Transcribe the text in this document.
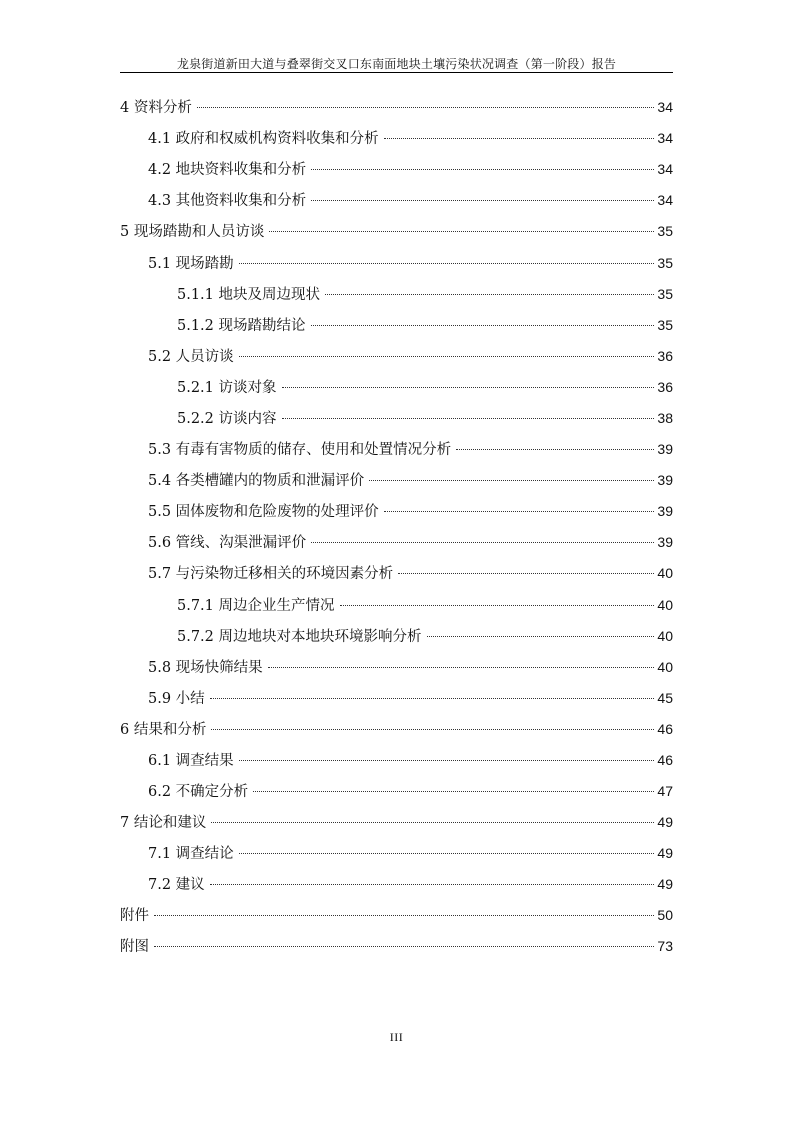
龙泉街道新田大道与叠翠街交叉口东南面地块土壤污染状况调查（第一阶段）报告
4 资料分析	34
4.1 政府和权威机构资料收集和分析	34
4.2 地块资料收集和分析	34
4.3 其他资料收集和分析	34
5 现场踏勘和人员访谈	35
5.1 现场踏勘	35
5.1.1 地块及周边现状	35
5.1.2 现场踏勘结论	35
5.2 人员访谈	36
5.2.1 访谈对象	36
5.2.2 访谈内容	38
5.3 有毒有害物质的储存、使用和处置情况分析	39
5.4 各类槽罐内的物质和泄漏评价	39
5.5 固体废物和危险废物的处理评价	39
5.6 管线、沟渠泄漏评价	39
5.7 与污染物迁移相关的环境因素分析	40
5.7.1 周边企业生产情况	40
5.7.2 周边地块对本地块环境影响分析	40
5.8 现场快筛结果	40
5.9 小结	45
6 结果和分析	46
6.1 调查结果	46
6.2 不确定分析	47
7 结论和建议	49
7.1 调查结论	49
7.2 建议	49
附件	50
附图	73
III
